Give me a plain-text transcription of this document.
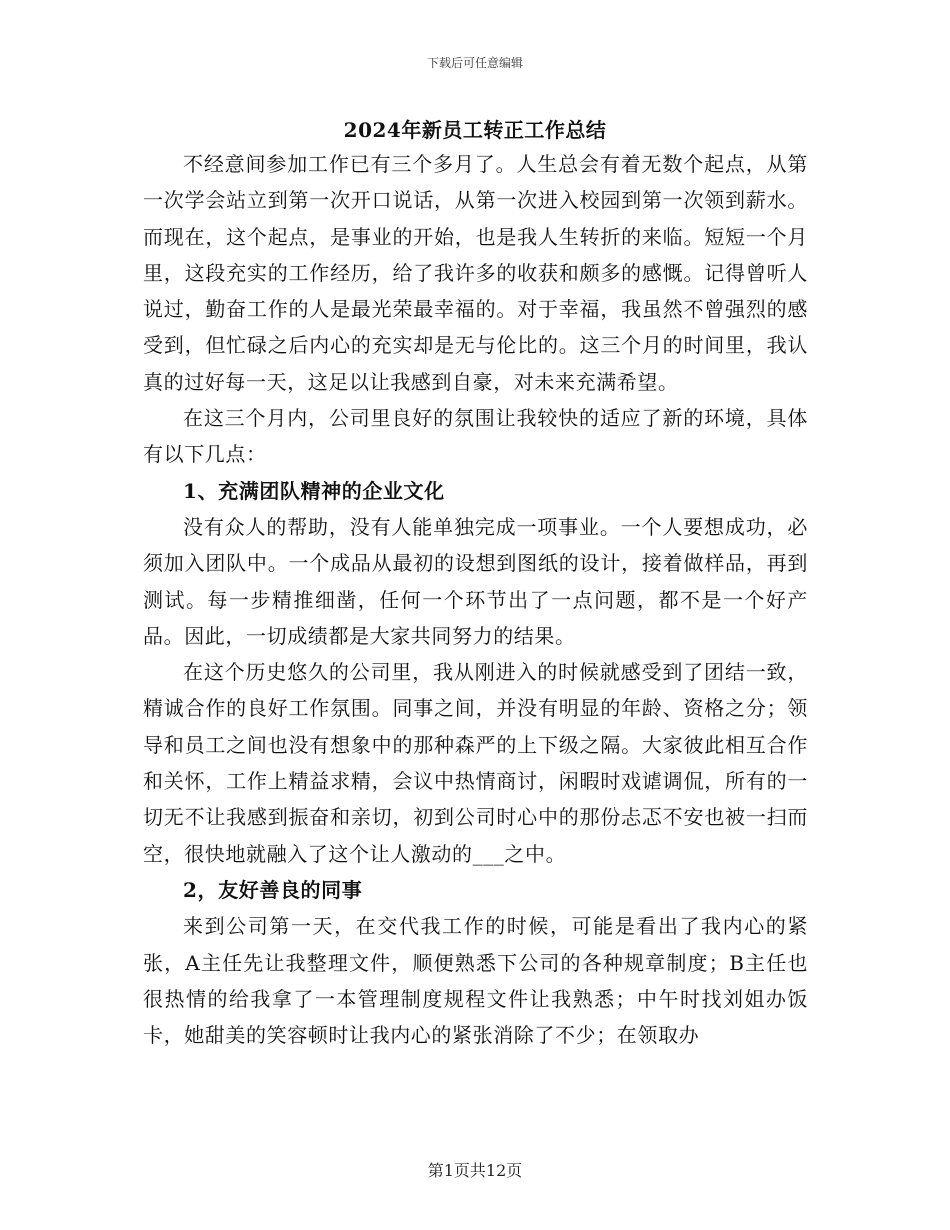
下载后可任意编辑
2024年新员工转正工作总结

不经意间参加工作已有三个多月了。人生总会有着无数个起点，从第一次学会站立到第一次开口说话，从第一次进入校园到第一次领到薪水。而现在，这个起点，是事业的开始，也是我人生转折的来临。短短一个月里，这段充实的工作经历，给了我许多的收获和颇多的感慨。记得曾听人说过，勤奋工作的人是最光荣最幸福的。对于幸福，我虽然不曾强烈的感受到，但忙碌之后内心的充实却是无与伦比的。这三个月的时间里，我认真的过好每一天，这足以让我感到自豪，对未来充满希望。

在这三个月内，公司里良好的氛围让我较快的适应了新的环境，具体有以下几点：

1、充满团队精神的企业文化

没有众人的帮助，没有人能单独完成一项事业。一个人要想成功，必须加入团队中。一个成品从最初的设想到图纸的设计，接着做样品，再到测试。每一步精推细凿，任何一个环节出了一点问题，都不是一个好产品。因此，一切成绩都是大家共同努力的结果。

在这个历史悠久的公司里，我从刚进入的时候就感受到了团结一致，精诚合作的良好工作氛围。同事之间，并没有明显的年龄、资格之分；领导和员工之间也没有想象中的那种森严的上下级之隔。大家彼此相互合作和关怀，工作上精益求精，会议中热情商讨，闲暇时戏谑调侃，所有的一切无不让我感到振奋和亲切，初到公司时心中的那份忐忑不安也被一扫而空，很快地就融入了这个让人激动的___之中。

2，友好善良的同事

来到公司第一天，在交代我工作的时候，可能是看出了我内心的紧张，A主任先让我整理文件，顺便熟悉下公司的各种规章制度；B主任也很热情的给我拿了一本管理制度规程文件让我熟悉；中午时找刘姐办饭卡，她甜美的笑容顿时让我内心的紧张消除了不少；在领取办

第1页共12页
